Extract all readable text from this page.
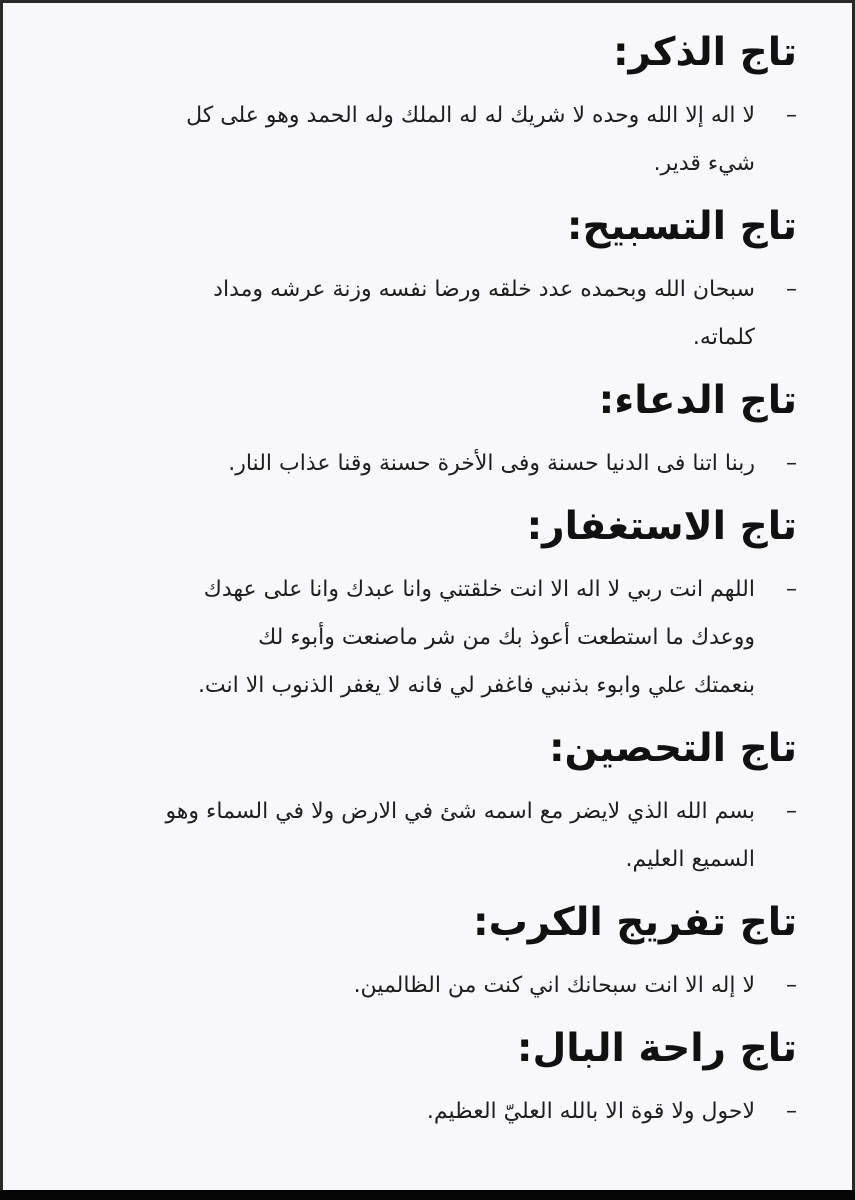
تاج الذكر:
–
لا اله إلا الله وحده لا شريك له له الملك وله الحمد وهو على كل
شيء قدير.
تاج التسبيح:
–
سبحان الله وبحمده عدد خلقه ورضا نفسه وزنة عرشه ومداد
كلماته.
تاج الدعاء:
–
ربنا اتنا فى الدنيا حسنة وفى الأخرة حسنة وقنا عذاب النار.
تاج الاستغفار:
–
اللهم انت ربي لا اله الا انت خلقتني وانا عبدك وانا على عهدك
ووعدك ما استطعت أعوذ بك من شر ماصنعت وأبوء لك
بنعمتك علي وابوء بذنبي فاغفر لي فانه لا يغفر الذنوب الا انت.
تاج التحصين:
–
بسم الله الذي لايضر مع اسمه شئ في الارض ولا في السماء وهو
السميع العليم.
تاج تفريج الكرب:
–
لا إله الا انت سبحانك اني كنت من الظالمين.
تاج راحة البال:
–
لاحول ولا قوة الا بالله العليّ العظيم.
